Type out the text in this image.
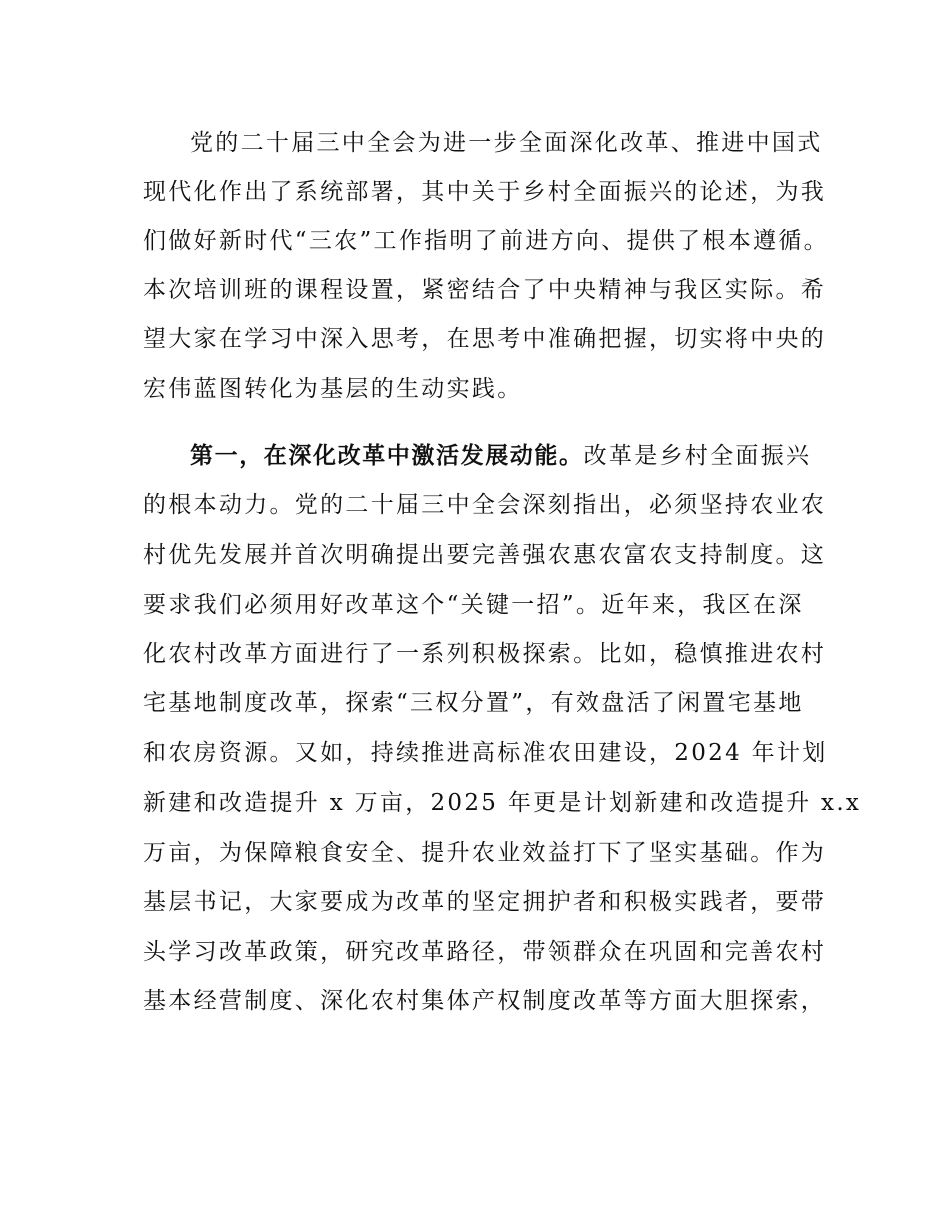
党的二十届三中全会为进一步全面深化改革、推进中国式

现代化作出了系统部署，其中关于乡村全面振兴的论述，为我

们做好新时代“三农”工作指明了前进方向、提供了根本遵循。

本次培训班的课程设置，紧密结合了中央精神与我区实际。希

望大家在学习中深入思考，在思考中准确把握，切实将中央的

宏伟蓝图转化为基层的生动实践。

第一，在深化改革中激活发展动能。改革是乡村全面振兴

的根本动力。党的二十届三中全会深刻指出，必须坚持农业农

村优先发展并首次明确提出要完善强农惠农富农支持制度。这

要求我们必须用好改革这个“关键一招”。近年来，我区在深

化农村改革方面进行了一系列积极探索。比如，稳慎推进农村

宅基地制度改革，探索“三权分置”，有效盘活了闲置宅基地

和农房资源。又如，持续推进高标准农田建设，2024 年计划

新建和改造提升 x 万亩，2025 年更是计划新建和改造提升 x.x

万亩，为保障粮食安全、提升农业效益打下了坚实基础。作为

基层书记，大家要成为改革的坚定拥护者和积极实践者，要带

头学习改革政策，研究改革路径，带领群众在巩固和完善农村

基本经营制度、深化农村集体产权制度改革等方面大胆探索，
